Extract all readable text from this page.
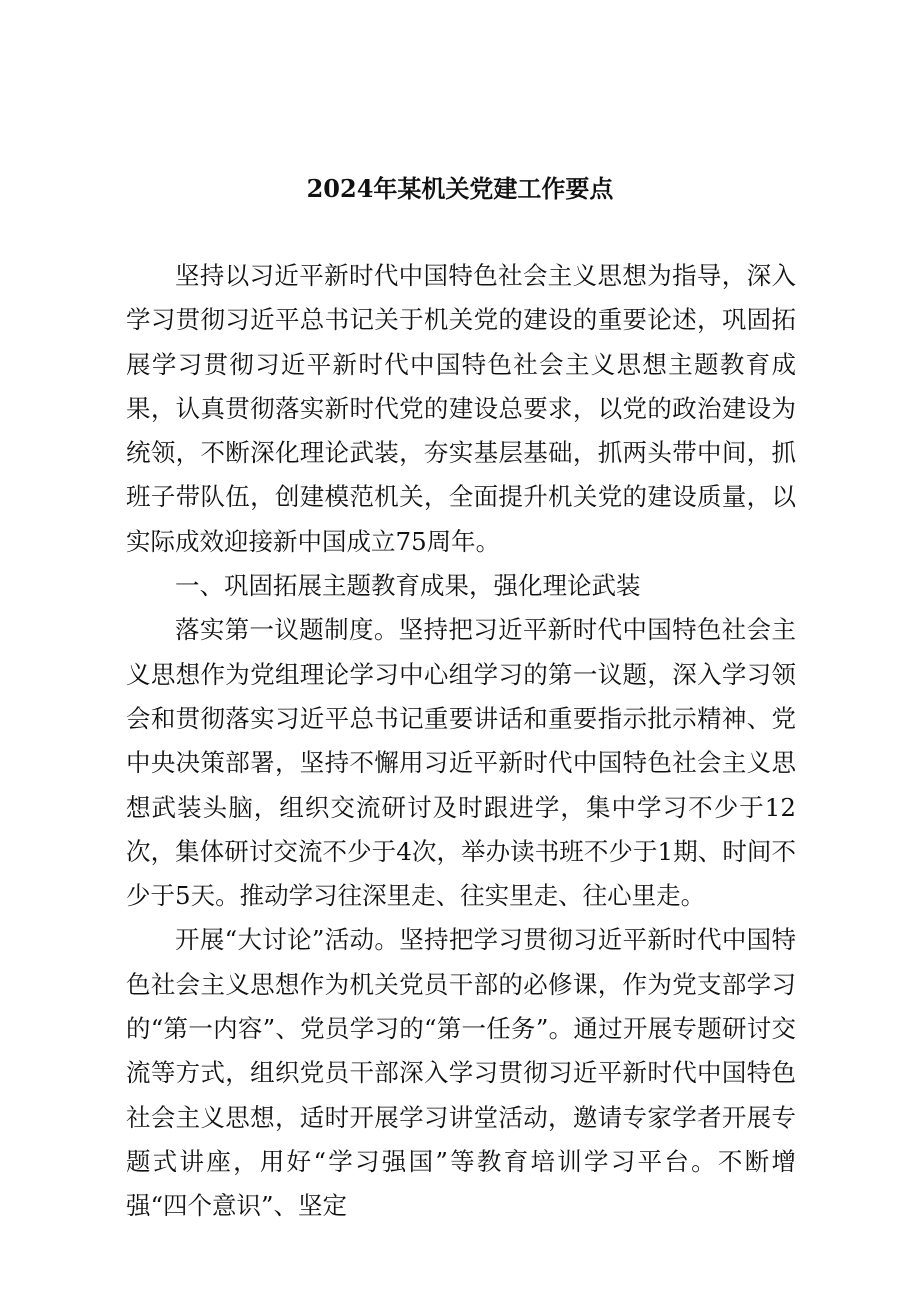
2024年某机关党建工作要点

坚持以习近平新时代中国特色社会主义思想为指导，深入学习贯彻习近平总书记关于机关党的建设的重要论述，巩固拓展学习贯彻习近平新时代中国特色社会主义思想主题教育成果，认真贯彻落实新时代党的建设总要求，以党的政治建设为统领，不断深化理论武装，夯实基层基础，抓两头带中间，抓班子带队伍，创建模范机关，全面提升机关党的建设质量，以实际成效迎接新中国成立75周年。

一、巩固拓展主题教育成果，强化理论武装

落实第一议题制度。坚持把习近平新时代中国特色社会主义思想作为党组理论学习中心组学习的第一议题，深入学习领会和贯彻落实习近平总书记重要讲话和重要指示批示精神、党中央决策部署，坚持不懈用习近平新时代中国特色社会主义思想武装头脑，组织交流研讨及时跟进学，集中学习不少于12次，集体研讨交流不少于4次，举办读书班不少于1期、时间不少于5天。推动学习往深里走、往实里走、往心里走。

开展“大讨论”活动。坚持把学习贯彻习近平新时代中国特色社会主义思想作为机关党员干部的必修课，作为党支部学习的“第一内容”、党员学习的“第一任务”。通过开展专题研讨交流等方式，组织党员干部深入学习贯彻习近平新时代中国特色社会主义思想，适时开展学习讲堂活动，邀请专家学者开展专题式讲座，用好“学习强国”等教育培训学习平台。不断增强“四个意识”、坚定
